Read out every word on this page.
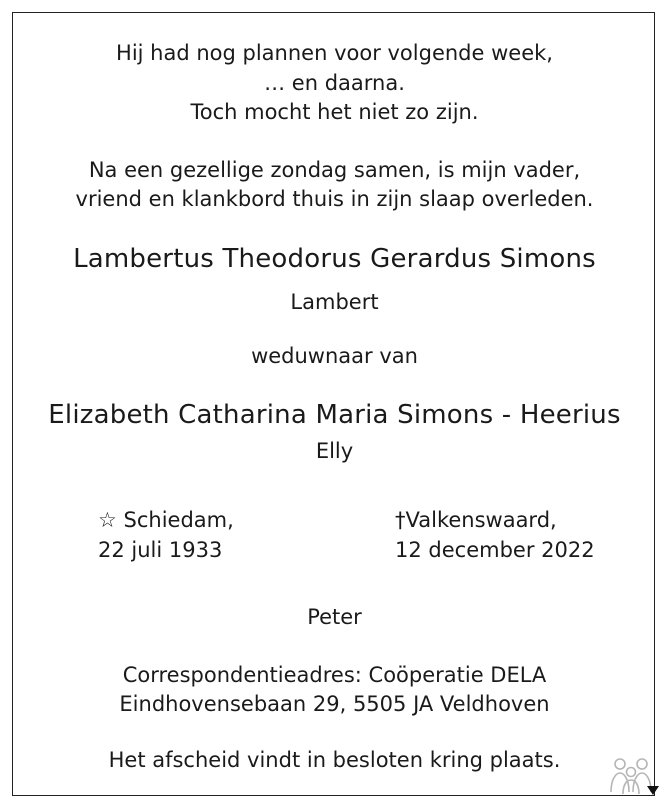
Hij had nog plannen voor volgende week,
… en daarna.
Toch mocht het niet zo zijn.
Na een gezellige zondag samen, is mijn vader,
vriend en klankbord thuis in zijn slaap overleden.
Lambertus Theodorus Gerardus Simons
Lambert
weduwnaar van
Elizabeth Catharina Maria Simons - Heerius
Elly
☆ Schiedam,
22 juli 1933
†Valkenswaard,
12 december 2022
Peter
Correspondentieadres: Coöperatie DELA
Eindhovensebaan 29, 5505 JA Veldhoven
Het afscheid vindt in besloten kring plaats.
